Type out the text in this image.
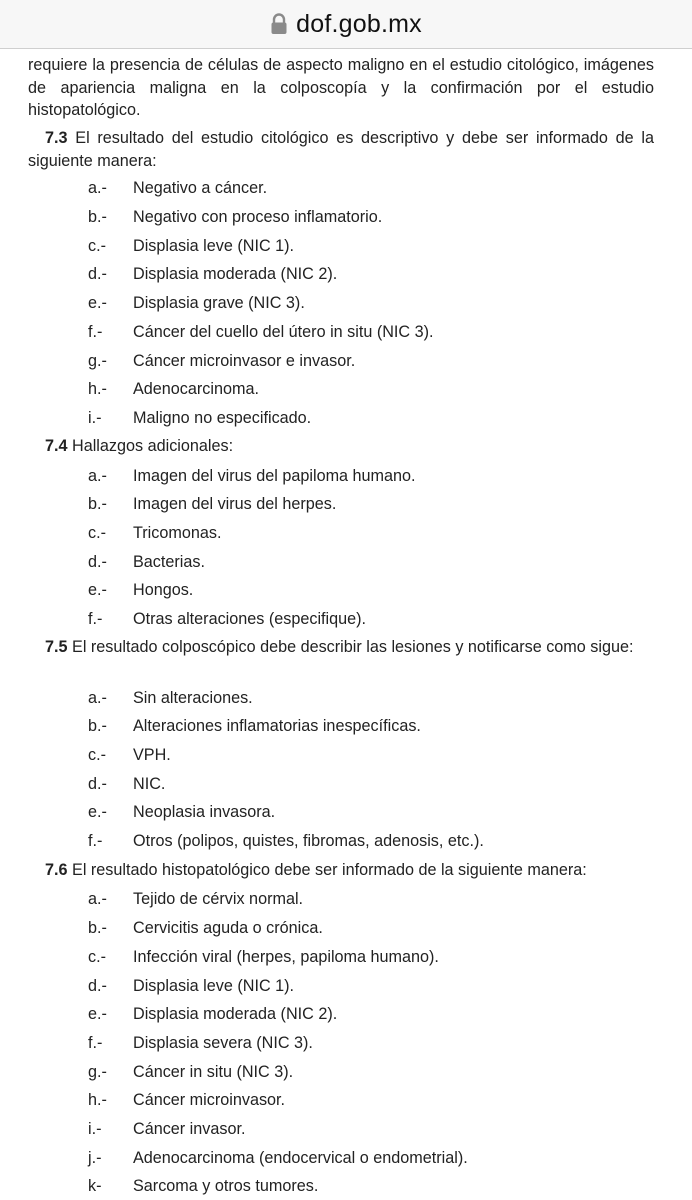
dof.gob.mx
requiere la presencia de células de aspecto maligno en el estudio citológico, imágenes de apariencia maligna en la colposcopía y la confirmación por el estudio histopatológico.
7.3 El resultado del estudio citológico es descriptivo y debe ser informado de la siguiente manera:
a.- Negativo a cáncer.
b.- Negativo con proceso inflamatorio.
c.- Displasia leve (NIC 1).
d.- Displasia moderada (NIC 2).
e.- Displasia grave (NIC 3).
f.- Cáncer del cuello del útero in situ (NIC 3).
g.- Cáncer microinvasor e invasor.
h.- Adenocarcinoma.
i.- Maligno no especificado.
7.4 Hallazgos adicionales:
a.- Imagen del virus del papiloma humano.
b.- Imagen del virus del herpes.
c.- Tricomonas.
d.- Bacterias.
e.- Hongos.
f.- Otras alteraciones (especifique).
7.5 El resultado colposcópico debe describir las lesiones y notificarse como sigue:
a.- Sin alteraciones.
b.- Alteraciones inflamatorias inespecíficas.
c.- VPH.
d.- NIC.
e.- Neoplasia invasora.
f.- Otros (polipos, quistes, fibromas, adenosis, etc.).
7.6 El resultado histopatológico debe ser informado de la siguiente manera:
a.- Tejido de cérvix normal.
b.- Cervicitis aguda o crónica.
c.- Infección viral (herpes, papiloma humano).
d.- Displasia leve (NIC 1).
e.- Displasia moderada (NIC 2).
f.- Displasia severa (NIC 3).
g.- Cáncer in situ (NIC 3).
h.- Cáncer microinvasor.
i.- Cáncer invasor.
j.- Adenocarcinoma (endocervical o endometrial).
k- Sarcoma y otros tumores.
